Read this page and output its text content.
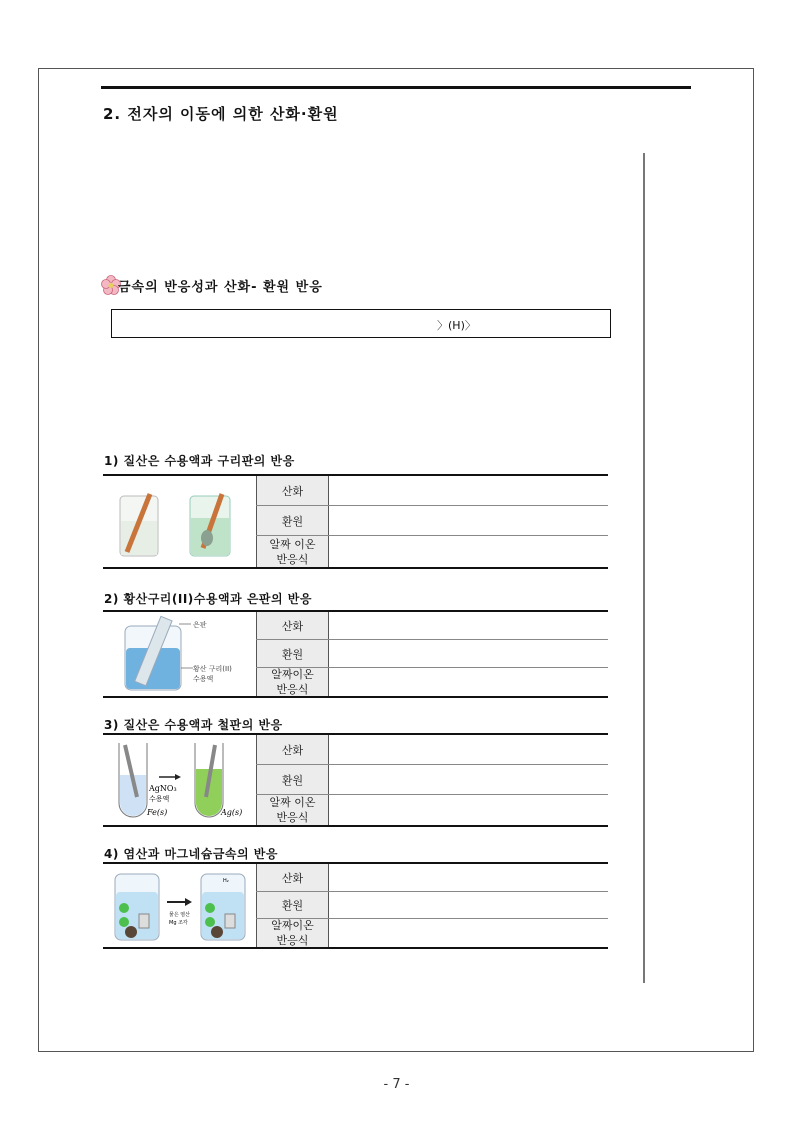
2. 전자의 이동에 의한 산화·환원
금속의 반응성과 산화- 환원 반응
〉(H)〉
1) 질산은 수용액과 구리판의 반응
산화
환원
알짜 이온
반응식
2) 황산구리(II)수용액과 은판의 반응
은판
황산 구리(II)
수용액
산화
환원
알짜이온
반응식
3) 질산은 수용액과 철판의 반응
AgNO₃
수용액
Fe(s)	Ag(s)
산화
환원
알짜 이온
반응식
4) 염산과 마그네슘금속의 반응
묽은 염산
Mg 조각
H₂	산화
환원
알짜이온
반응식
- 7 -
